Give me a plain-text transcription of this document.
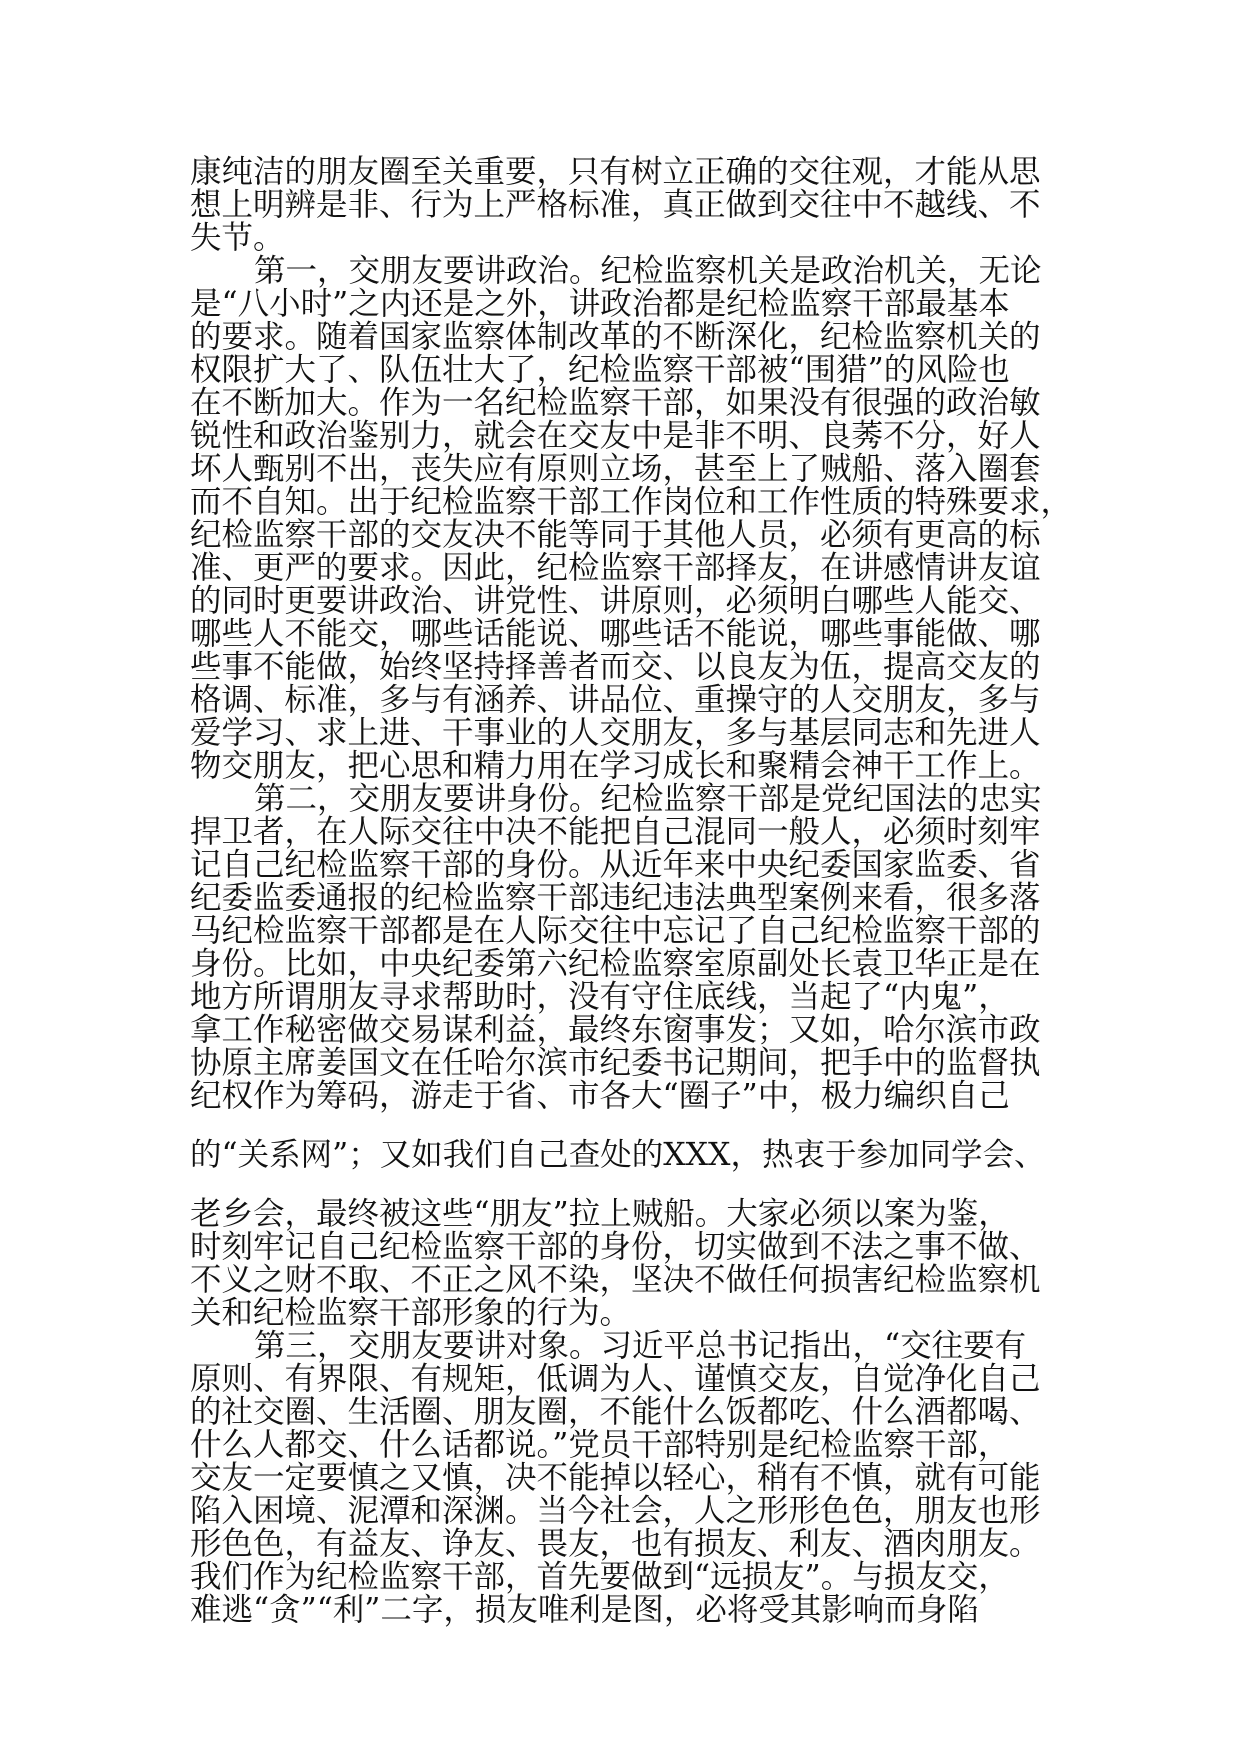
康纯洁的朋友圈至关重要，只有树立正确的交往观，才能从思
想上明辨是非、行为上严格标准，真正做到交往中不越线、不
失节。
第一，交朋友要讲政治。纪检监察机关是政治机关，无论
是“八小时”之内还是之外，讲政治都是纪检监察干部最基本
的要求。随着国家监察体制改革的不断深化，纪检监察机关的
权限扩大了、队伍壮大了，纪检监察干部被“围猎”的风险也
在不断加大。作为一名纪检监察干部，如果没有很强的政治敏
锐性和政治鉴别力，就会在交友中是非不明、良莠不分，好人
坏人甄别不出，丧失应有原则立场，甚至上了贼船、落入圈套
而不自知。出于纪检监察干部工作岗位和工作性质的特殊要求，
纪检监察干部的交友决不能等同于其他人员，必须有更高的标
准、更严的要求。因此，纪检监察干部择友，在讲感情讲友谊
的同时更要讲政治、讲党性、讲原则，必须明白哪些人能交、
哪些人不能交，哪些话能说、哪些话不能说，哪些事能做、哪
些事不能做，始终坚持择善者而交、以良友为伍，提高交友的
格调、标准，多与有涵养、讲品位、重操守的人交朋友，多与
爱学习、求上进、干事业的人交朋友，多与基层同志和先进人
物交朋友，把心思和精力用在学习成长和聚精会神干工作上。
第二，交朋友要讲身份。纪检监察干部是党纪国法的忠实
捍卫者，在人际交往中决不能把自己混同一般人，必须时刻牢
记自己纪检监察干部的身份。从近年来中央纪委国家监委、省
纪委监委通报的纪检监察干部违纪违法典型案例来看，很多落
马纪检监察干部都是在人际交往中忘记了自己纪检监察干部的
身份。比如，中央纪委第六纪检监察室原副处长袁卫华正是在
地方所谓朋友寻求帮助时，没有守住底线，当起了“内鬼”，
拿工作秘密做交易谋利益，最终东窗事发；又如，哈尔滨市政
协原主席姜国文在任哈尔滨市纪委书记期间，把手中的监督执
纪权作为筹码，游走于省、市各大“圈子”中，极力编织自己
的“关系网”；又如我们自己查处的XXX，热衷于参加同学会、
老乡会，最终被这些“朋友”拉上贼船。大家必须以案为鉴，
时刻牢记自己纪检监察干部的身份，切实做到不法之事不做、
不义之财不取、不正之风不染，坚决不做任何损害纪检监察机
关和纪检监察干部形象的行为。
第三，交朋友要讲对象。习近平总书记指出，“交往要有
原则、有界限、有规矩，低调为人、谨慎交友，自觉净化自己
的社交圈、生活圈、朋友圈，不能什么饭都吃、什么酒都喝、
什么人都交、什么话都说。”党员干部特别是纪检监察干部，
交友一定要慎之又慎，决不能掉以轻心，稍有不慎，就有可能
陷入困境、泥潭和深渊。当今社会，人之形形色色，朋友也形
形色色，有益友、诤友、畏友，也有损友、利友、酒肉朋友。
我们作为纪检监察干部，首先要做到“远损友”。与损友交，
难逃“贪”“利”二字，损友唯利是图，必将受其影响而身陷
